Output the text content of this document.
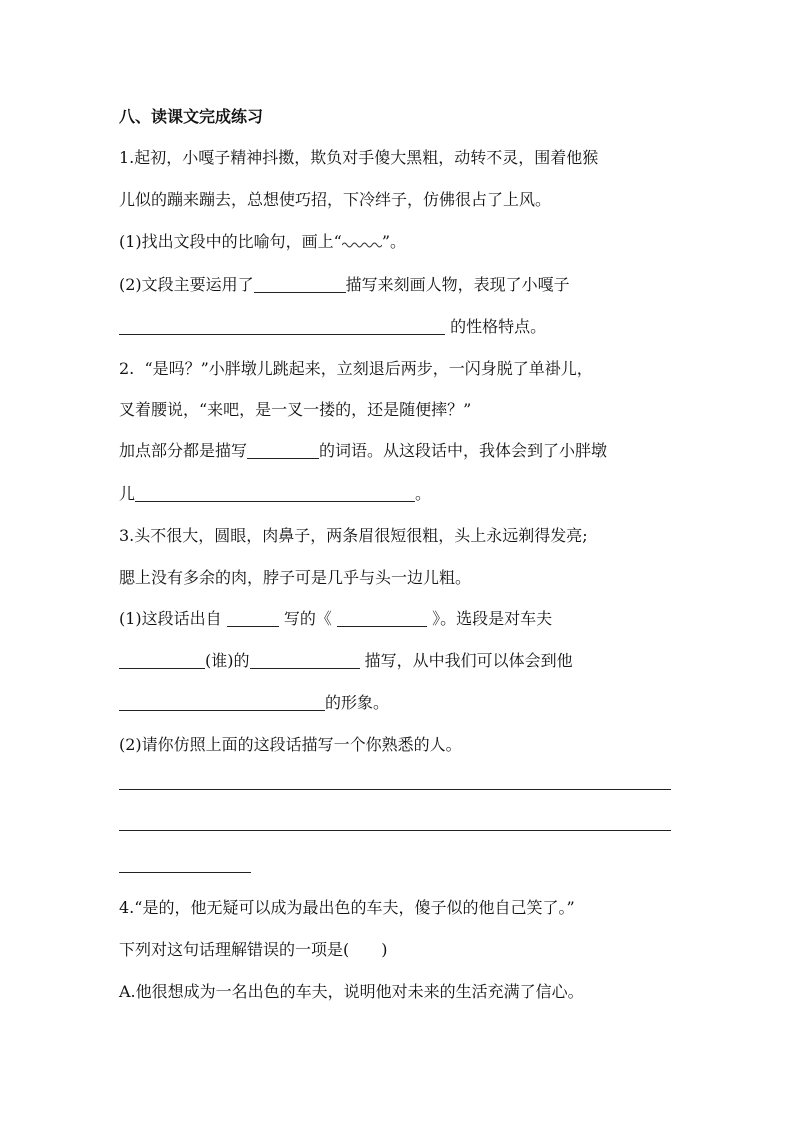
八、读课文完成练习
1.起初，小嘎子精神抖擞，欺负对手傻大黑粗，动转不灵，围着他猴
儿似的蹦来蹦去，总想使巧招，下冷绊子，仿佛很占了上风。
(1)找出文段中的比喻句，画上“	”。
(2)文段主要运用了	描写来刻画人物，表现了小嘎子
的性格特点。
2.  “是吗？”小胖墩儿跳起来，立刻退后两步，一闪身脱了单褂儿，
叉着腰说，“来吧，是一叉一搂的，还是随便摔？”
加点部分都是描写	的词语。从这段话中，我体会到了小胖墩
儿	。
3.头不很大，圆眼，肉鼻子，两条眉很短很粗，头上永远剃得发亮;
腮上没有多余的肉，脖子可是几乎与头一边儿粗。
(1)这段话出自	写的《	》。选段是对车夫
(谁)的	描写，从中我们可以体会到他
的形象。
(2)请你仿照上面的这段话描写一个你熟悉的人。
4.“是的，他无疑可以成为最出色的车夫，傻子似的他自己笑了。”
下列对这句话理解错误的一项是(　　)
A.他很想成为一名出色的车夫，说明他对未来的生活充满了信心。
